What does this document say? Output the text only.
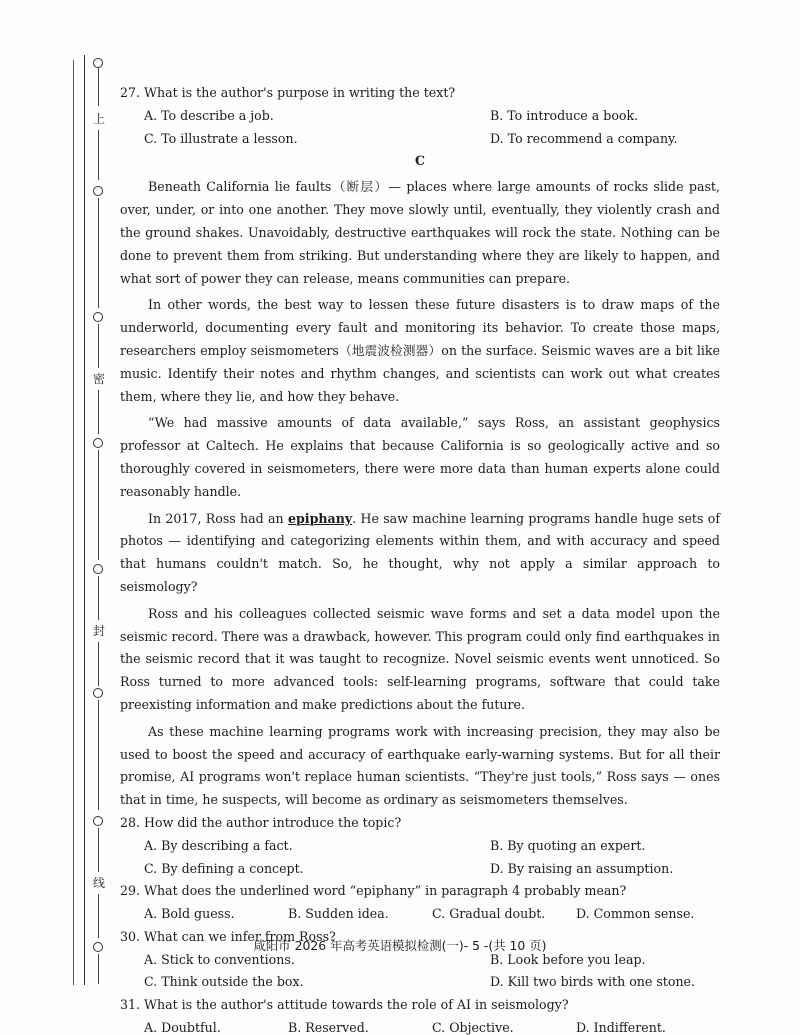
上
密
封
线

27. What is the author's purpose in writing the text?

A. To describe a job.	B. To introduce a book.

C. To illustrate a lesson.	D. To recommend a company.

C

Beneath California lie faults（断层）— places where large amounts of rocks slide past, over, under, or into one another. They move slowly until, eventually, they violently crash and the ground shakes. Unavoidably, destructive earthquakes will rock the state. Nothing can be done to prevent them from striking. But understanding where they are likely to happen, and what sort of power they can release, means communities can prepare.

In other words, the best way to lessen these future disasters is to draw maps of the underworld, documenting every fault and monitoring its behavior. To create those maps, researchers employ seismometers（地震波检测器）on the surface. Seismic waves are a bit like music. Identify their notes and rhythm changes, and scientists can work out what creates them, where they lie, and how they behave.

“We had massive amounts of data available,” says Ross, an assistant geophysics professor at Caltech. He explains that because California is so geologically active and so thoroughly covered in seismometers, there were more data than human experts alone could reasonably handle.

In 2017, Ross had an epiphany. He saw machine learning programs handle huge sets of photos — identifying and categorizing elements within them, and with accuracy and speed that humans couldn't match. So, he thought, why not apply a similar approach to seismology?

Ross and his colleagues collected seismic wave forms and set a data model upon the seismic record. There was a drawback, however. This program could only find earthquakes in the seismic record that it was taught to recognize. Novel seismic events went unnoticed. So Ross turned to more advanced tools: self-learning programs, software that could take preexisting information and make predictions about the future.

As these machine learning programs work with increasing precision, they may also be used to boost the speed and accuracy of earthquake early-warning systems. But for all their promise, AI programs won't replace human scientists. “They're just tools,” Ross says — ones that in time, he suspects, will become as ordinary as seismometers themselves.

28. How did the author introduce the topic?

A. By describing a fact.	B. By quoting an expert.

C. By defining a concept.	D. By raising an assumption.

29. What does the underlined word “epiphany” in paragraph 4 probably mean?

A. Bold guess.	B. Sudden idea.	C. Gradual doubt.	D. Common sense.

30. What can we infer from Ross?

A. Stick to conventions.	B. Look before you leap.

C. Think outside the box.	D. Kill two birds with one stone.

31. What is the author's attitude towards the role of AI in seismology?

A. Doubtful.	B. Reserved.	C. Objective.	D. Indifferent.
咸阳市 2026 年高考英语模拟检测(一)- 5 -(共 10 页)
